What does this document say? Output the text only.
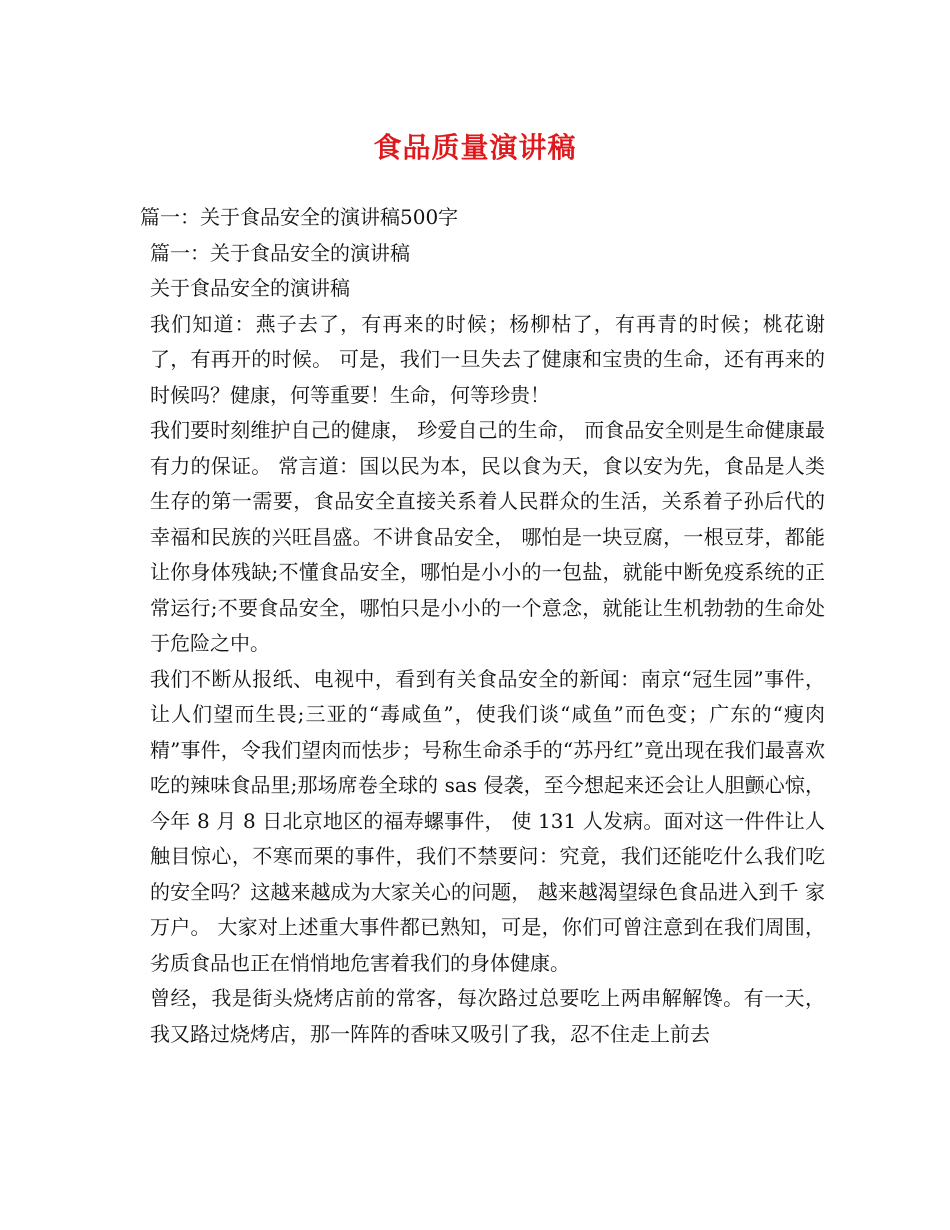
食品质量演讲稿

篇一：关于食品安全的演讲稿500字

篇一：关于食品安全的演讲稿

关于食品安全的演讲稿

我们知道：燕子去了，有再来的时候；杨柳枯了，有再青的时候；桃花谢了，有再开的时候。 可是，我们一旦失去了健康和宝贵的生命，还有再来的时候吗？健康，何等重要！生命，何等珍贵！

我们要时刻维护自己的健康， 珍爱自己的生命， 而食品安全则是生命健康最有力的保证。 常言道：国以民为本，民以食为天，食以安为先，食品是人类生存的第一需要，食品安全直接关系着人民群众的生活，关系着子孙后代的幸福和民族的兴旺昌盛。不讲食品安全， 哪怕是一块豆腐，一根豆芽，都能让你身体残缺;不懂食品安全，哪怕是小小的一包盐，就能中断免疫系统的正常运行;不要食品安全，哪怕只是小小的一个意念，就能让生机勃勃的生命处于危险之中。

我们不断从报纸、电视中，看到有关食品安全的新闻：南京“冠生园”事件，让人们望而生畏;三亚的“毒咸鱼”，使我们谈“咸鱼”而色变；广东的“瘦肉精”事件，令我们望肉而怯步；号称生命杀手的“苏丹红”竟出现在我们最喜欢吃的辣味食品里;那场席卷全球的 sas 侵袭，至今想起来还会让人胆颤心惊，今年 8 月 8 日北京地区的福寿螺事件， 使 131 人发病。面对这一件件让人触目惊心，不寒而栗的事件，我们不禁要问：究竟，我们还能吃什么我们吃的安全吗？这越来越成为大家关心的问题， 越来越渴望绿色食品进入到千 家万户。 大家对上述重大事件都已熟知，可是，你们可曾注意到在我们周围，劣质食品也正在悄悄地危害着我们的身体健康。

曾经，我是街头烧烤店前的常客，每次路过总要吃上两串解解馋。有一天，我又路过烧烤店，那一阵阵的香味又吸引了我，忍不住走上前去
